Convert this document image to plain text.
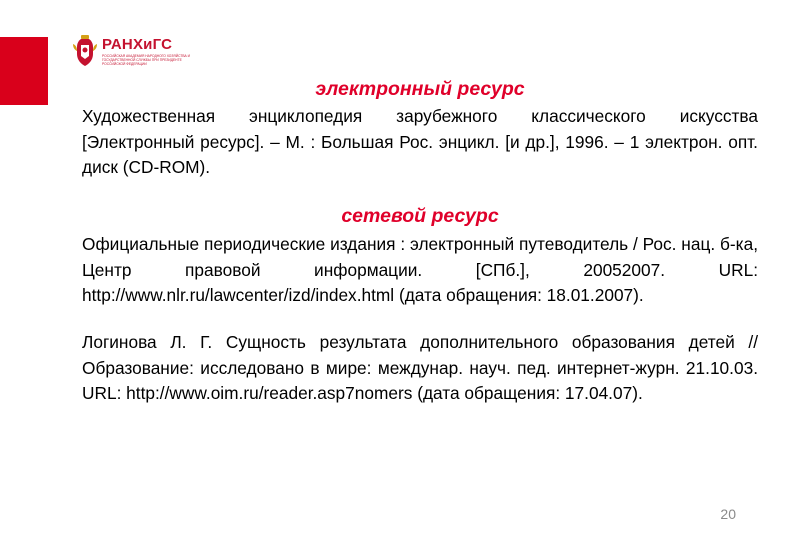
РАНХиГС
РОССИЙСКАЯ АКАДЕМИЯ НАРОДНОГО ХОЗЯЙСТВА И ГОСУДАРСТВЕННОЙ СЛУЖБЫ ПРИ ПРЕЗИДЕНТЕ РОССИЙСКОЙ ФЕДЕРАЦИИ
электронный ресурс
Художественная энциклопедия зарубежного классического искусства [Электронный ресурс]. – М. : Большая Рос. энцикл. [и др.], 1996. – 1 электрон. опт. диск (CD-ROM).
сетевой ресурс
Официальные периодические издания : электронный путеводитель / Рос. нац. б-ка, Центр правовой информации. [СПб.], 20052007. URL: http://www.nlr.ru/lawcenter/izd/index.html (дата обращения: 18.01.2007).
Логинова Л. Г. Сущность результата дополнительного образования детей // Образование: исследовано в мире: междунар. науч. пед. интернет-журн. 21.10.03. URL: http://www.oim.ru/reader.asp7nomers (дата обращения: 17.04.07).
20
